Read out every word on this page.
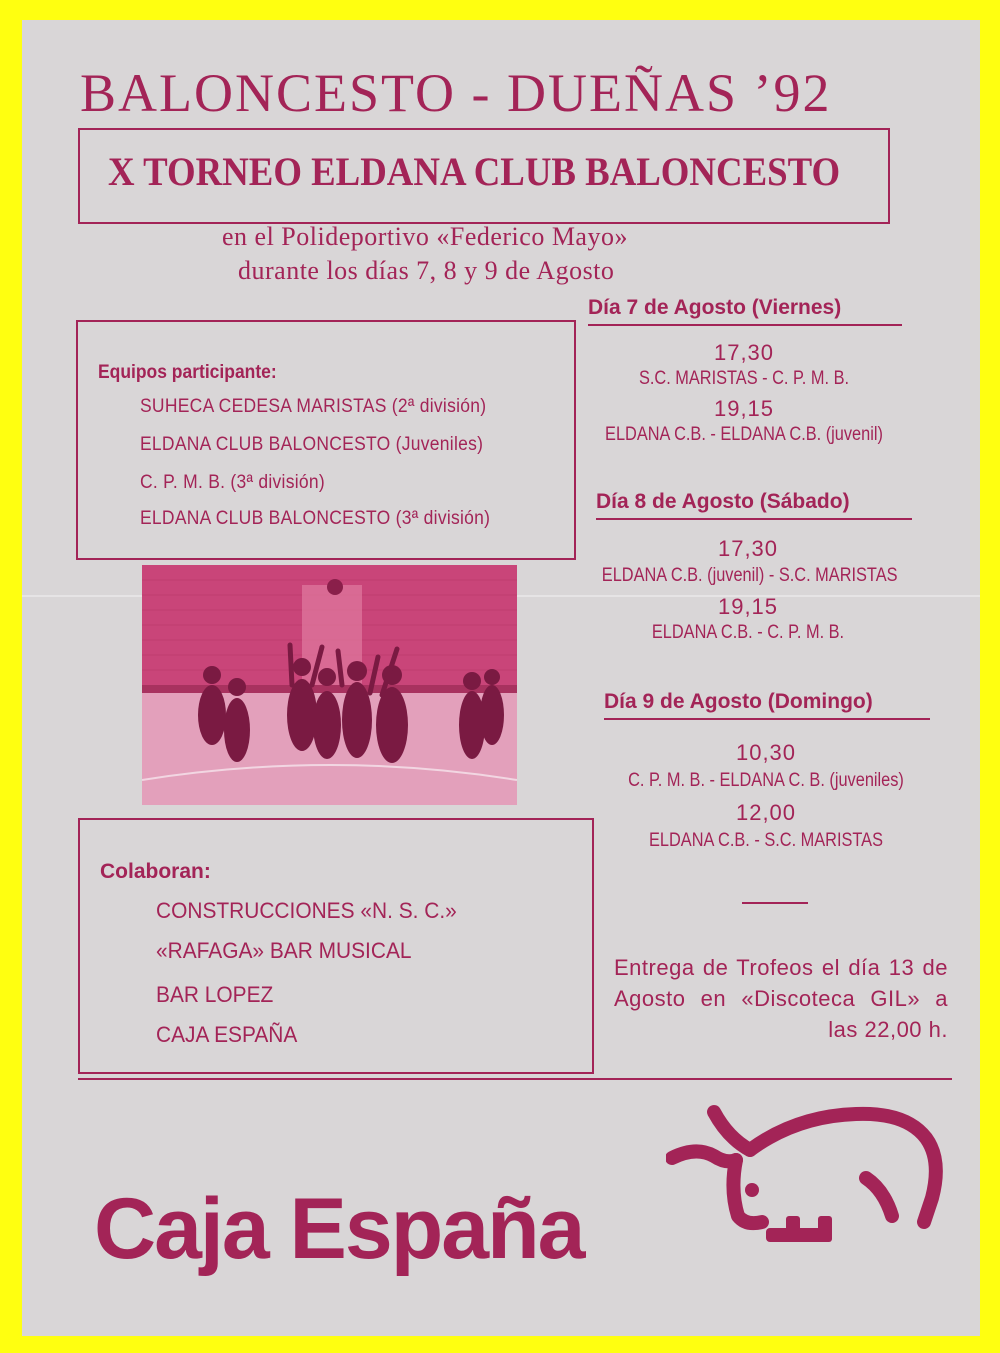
BALONCESTO - DUEÑAS ’92
X TORNEO ELDANA CLUB BALONCESTO
en el Polideportivo «Federico Mayo»
durante los días 7, 8 y 9 de Agosto
Equipos participante:
SUHECA CEDESA MARISTAS (2ª división)
ELDANA CLUB BALONCESTO (Juveniles)
C. P. M. B. (3ª división)
ELDANA CLUB BALONCESTO (3ª división)
Colaboran:
CONSTRUCCIONES «N. S. C.»
«RAFAGA» BAR MUSICAL
BAR LOPEZ
CAJA ESPAÑA
Día 7 de Agosto (Viernes)
17,30
S.C. MARISTAS - C. P. M. B.
19,15
ELDANA C.B. - ELDANA C.B. (juvenil)
Día 8 de Agosto (Sábado)
17,30
ELDANA C.B. (juvenil) - S.C. MARISTAS
19,15
ELDANA C.B. - C. P. M. B.
Día 9 de Agosto (Domingo)
10,30
C. P. M. B. - ELDANA C. B. (juveniles)
12,00
ELDANA C.B. - S.C. MARISTAS
Entrega de Trofeos el día 13 de Agosto en «Discoteca GIL» a las 22,00 h.
Caja España
